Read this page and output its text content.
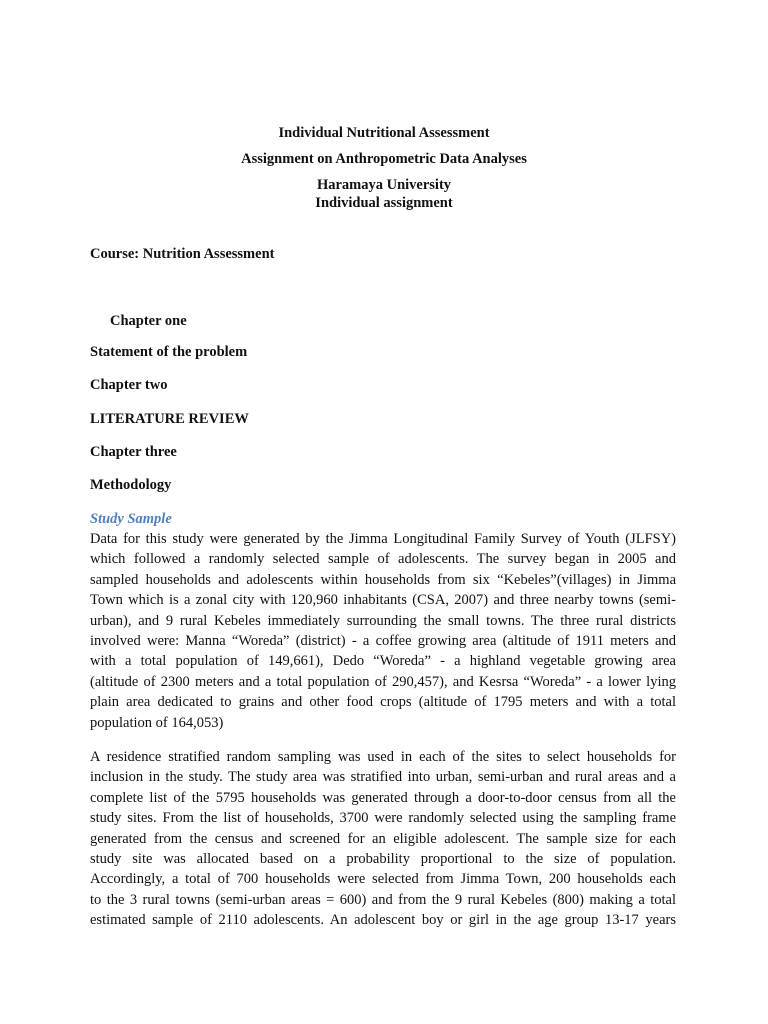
Individual Nutritional Assessment
Assignment on Anthropometric Data Analyses
Haramaya University
Individual assignment
Course: Nutrition Assessment
Chapter one
Statement of the problem
Chapter two
LITERATURE REVIEW
Chapter three
Methodology
Study Sample
Data for this study were generated by the Jimma Longitudinal Family Survey of Youth (JLFSY)
which followed a randomly selected sample of adolescents. The survey began in 2005 and
sampled households and adolescents within households from six “Kebeles”(villages) in Jimma
Town which is a zonal city with 120,960 inhabitants (CSA, 2007) and three nearby towns (semi-
urban), and 9 rural Kebeles immediately surrounding the small towns. The three rural districts
involved were: Manna “Woreda” (district) - a coffee growing area (altitude of 1911 meters and
with a total population of 149,661), Dedo “Woreda” - a highland vegetable growing area
(altitude of 2300 meters and a total population of 290,457), and Kesrsa “Woreda” - a lower lying
plain area dedicated to grains and other food crops (altitude of 1795 meters and with a total
population of 164,053)
A residence stratified random sampling was used in each of the sites to select households for
inclusion in the study. The study area was stratified into urban, semi-urban and rural areas and a
complete list of the 5795 households was generated through a door-to-door census from all the
study sites. From the list of households, 3700 were randomly selected using the sampling frame
generated from the census and screened for an eligible adolescent. The sample size for each
study site was allocated based on a probability proportional to the size of population.
Accordingly, a total of 700 households were selected from Jimma Town, 200 households each
to the 3 rural towns (semi-urban areas = 600) and from the 9 rural Kebeles (800) making a total
estimated sample of 2110 adolescents. An adolescent boy or girl in the age group 13-17 years
